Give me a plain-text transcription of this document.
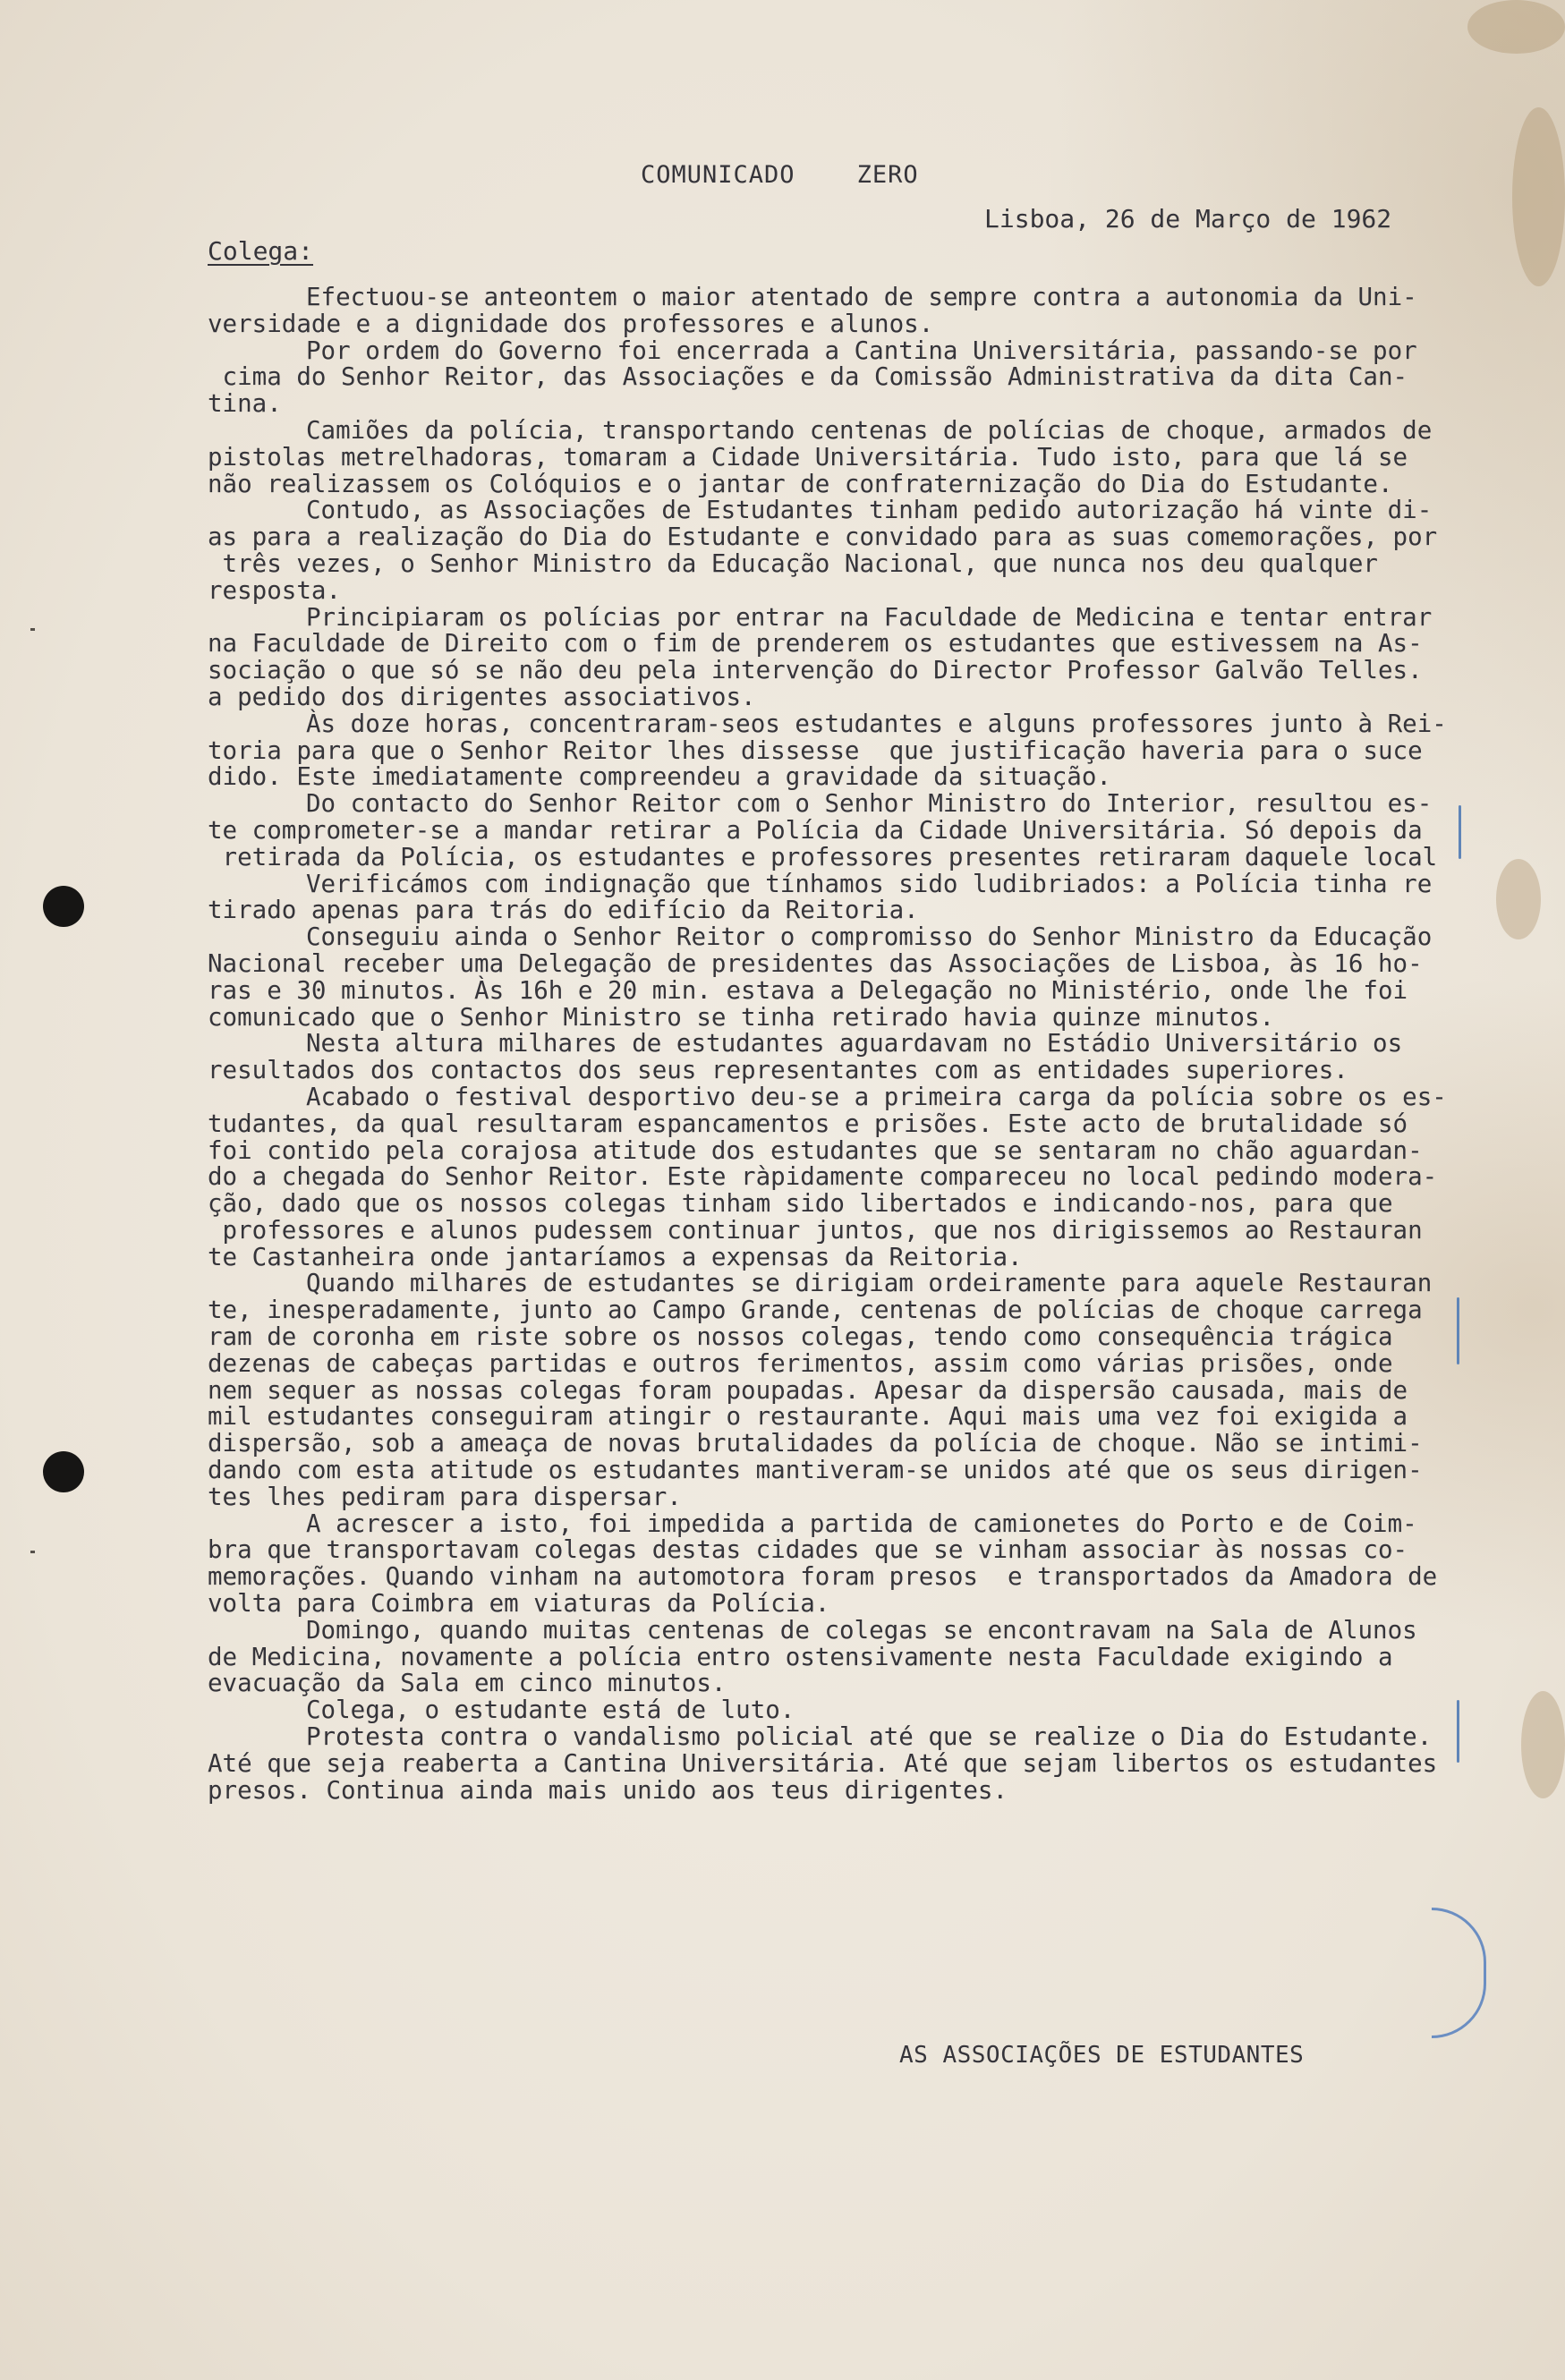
COMUNICADO    ZERO
Lisboa, 26 de Março de 1962
Colega:
Efectuou-se anteontem o maior atentado de sempre contra a autonomia da Uni-
versidade e a dignidade dos professores e alunos.
Por ordem do Governo foi encerrada a Cantina Universitária, passando-se por
cima do Senhor Reitor, das Associações e da Comissão Administrativa da dita Can-
tina.
Camiões da polícia, transportando centenas de polícias de choque, armados de
pistolas metrelhadoras, tomaram a Cidade Universitária. Tudo isto, para que lá se
não realizassem os Colóquios e o jantar de confraternização do Dia do Estudante.
Contudo, as Associações de Estudantes tinham pedido autorização há vinte di-
as para a realização do Dia do Estudante e convidado para as suas comemorações, por
três vezes, o Senhor Ministro da Educação Nacional, que nunca nos deu qualquer
resposta.
Principiaram os polícias por entrar na Faculdade de Medicina e tentar entrar
na Faculdade de Direito com o fim de prenderem os estudantes que estivessem na As-
sociação o que só se não deu pela intervenção do Director Professor Galvão Telles.
a pedido dos dirigentes associativos.
Às doze horas, concentraram-seos estudantes e alguns professores junto à Rei-
toria para que o Senhor Reitor lhes dissesse  que justificação haveria para o suce
dido. Este imediatamente compreendeu a gravidade da situação.
Do contacto do Senhor Reitor com o Senhor Ministro do Interior, resultou es-
te comprometer-se a mandar retirar a Polícia da Cidade Universitária. Só depois da
retirada da Polícia, os estudantes e professores presentes retiraram daquele local
Verificámos com indignação que tínhamos sido ludibriados: a Polícia tinha re
tirado apenas para trás do edifício da Reitoria.
Conseguiu ainda o Senhor Reitor o compromisso do Senhor Ministro da Educação
Nacional receber uma Delegação de presidentes das Associações de Lisboa, às 16 ho-
ras e 30 minutos. Às 16h e 20 min. estava a Delegação no Ministério, onde lhe foi
comunicado que o Senhor Ministro se tinha retirado havia quinze minutos.
Nesta altura milhares de estudantes aguardavam no Estádio Universitário os
resultados dos contactos dos seus representantes com as entidades superiores.
Acabado o festival desportivo deu-se a primeira carga da polícia sobre os es-
tudantes, da qual resultaram espancamentos e prisões. Este acto de brutalidade só
foi contido pela corajosa atitude dos estudantes que se sentaram no chão aguardan-
do a chegada do Senhor Reitor. Este ràpidamente compareceu no local pedindo modera-
ção, dado que os nossos colegas tinham sido libertados e indicando-nos, para que
professores e alunos pudessem continuar juntos, que nos dirigissemos ao Restauran
te Castanheira onde jantaríamos a expensas da Reitoria.
Quando milhares de estudantes se dirigiam ordeiramente para aquele Restauran
te, inesperadamente, junto ao Campo Grande, centenas de polícias de choque carrega
ram de coronha em riste sobre os nossos colegas, tendo como consequência trágica
dezenas de cabeças partidas e outros ferimentos, assim como várias prisões, onde
nem sequer as nossas colegas foram poupadas. Apesar da dispersão causada, mais de
mil estudantes conseguiram atingir o restaurante. Aqui mais uma vez foi exigida a
dispersão, sob a ameaça de novas brutalidades da polícia de choque. Não se intimi-
dando com esta atitude os estudantes mantiveram-se unidos até que os seus dirigen-
tes lhes pediram para dispersar.
A acrescer a isto, foi impedida a partida de camionetes do Porto e de Coim-
bra que transportavam colegas destas cidades que se vinham associar às nossas co-
memorações. Quando vinham na automotora foram presos  e transportados da Amadora de
volta para Coimbra em viaturas da Polícia.
Domingo, quando muitas centenas de colegas se encontravam na Sala de Alunos
de Medicina, novamente a polícia entro ostensivamente nesta Faculdade exigindo a
evacuação da Sala em cinco minutos.
Colega, o estudante está de luto.
Protesta contra o vandalismo policial até que se realize o Dia do Estudante.
Até que seja reaberta a Cantina Universitária. Até que sejam libertos os estudantes
presos. Continua ainda mais unido aos teus dirigentes.
AS ASSOCIAÇÕES DE ESTUDANTES
